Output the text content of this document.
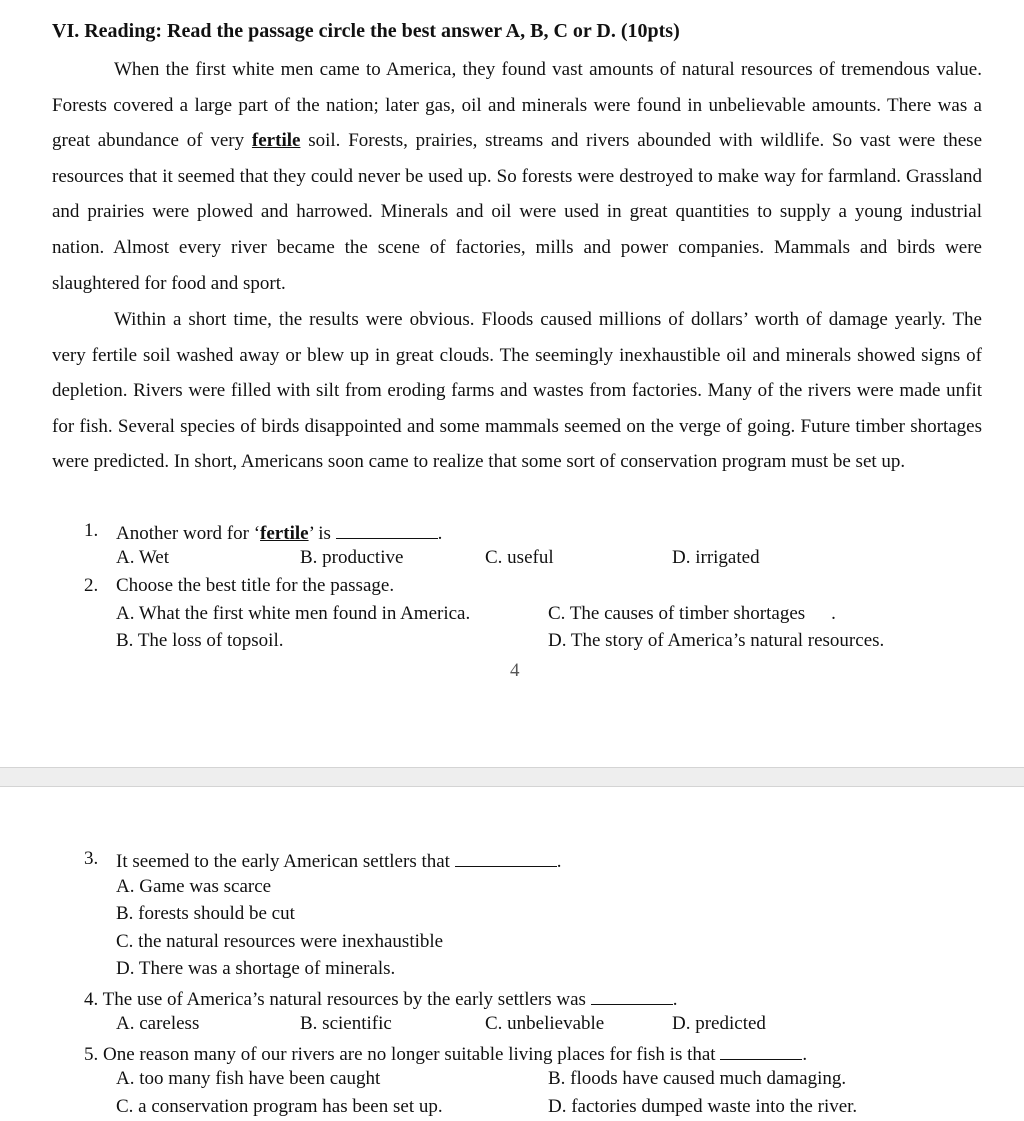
VI. Reading: Read the passage circle the best answer A, B, C or D. (10pts)
When the first white men came to America, they found vast amounts of natural resources of tremendous value. Forests covered a large part of the nation; later gas, oil and minerals were found in unbelievable amounts. There was a great abundance of very fertile soil. Forests, prairies, streams and rivers abounded with wildlife. So vast were these resources that it seemed that they could never be used up. So forests were destroyed to make way for farmland. Grassland and prairies were plowed and harrowed. Minerals and oil were used in great quantities to supply a young industrial nation. Almost every river became the scene of factories, mills and power companies. Mammals and birds were slaughtered for food and sport.
Within a short time, the results were obvious. Floods caused millions of dollars’ worth of damage yearly. The very fertile soil washed away or blew up in great clouds. The seemingly inexhaustible oil and minerals showed signs of depletion. Rivers were filled with silt from eroding farms and wastes from factories. Many of the rivers were made unfit for fish. Several species of birds disappointed and some mammals seemed on the verge of going. Future timber shortages were predicted. In short, Americans soon came to realize that some sort of conservation program must be set up.
1. Another word for ‘fertile’ is	.
A. Wet	B. productive	C. useful	D. irrigated
2. Choose the best title for the passage.
A. What the first white men found in America.	C. The causes of timber shortages .
B. The loss of topsoil.	D. The story of America’s natural resources.
4
3. It seemed to the early American settlers that	.
A. Game was scarce
B. forests should be cut
C. the natural resources were inexhaustible
D. There was a shortage of minerals.
4. The use of America’s natural resources by the early settlers was	.
A. careless	B. scientific	C. unbelievable	D. predicted
5. One reason many of our rivers are no longer suitable living places for fish is that	.
A. too many fish have been caught	B. floods have caused much damaging.
C. a conservation program has been set up.	D. factories dumped waste into the river.
